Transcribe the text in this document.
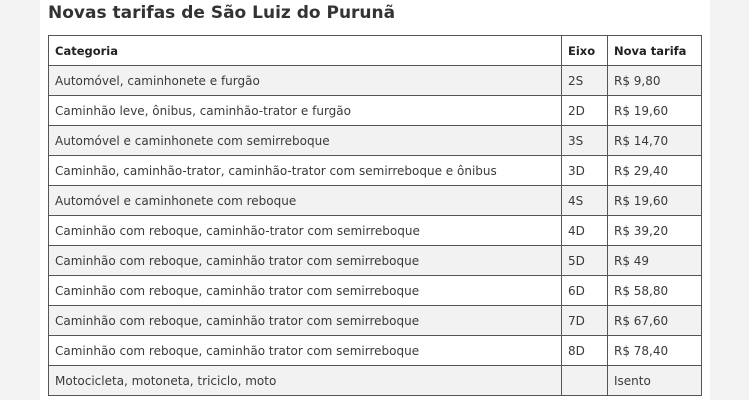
Novas tarifas de São Luiz do Purunã
Categoria	Eixo	Nova tarifa
Automóvel, caminhonete e furgão	2S	R$ 9,80
Caminhão leve, ônibus, caminhão-trator e furgão	2D	R$ 19,60
Automóvel e caminhonete com semirreboque	3S	R$ 14,70
Caminhão, caminhão-trator, caminhão-trator com semirreboque e ônibus	3D	R$ 29,40
Automóvel e caminhonete com reboque	4S	R$ 19,60
Caminhão com reboque, caminhão-trator com semirreboque	4D	R$ 39,20
Caminhão com reboque, caminhão trator com semirreboque	5D	R$ 49
Caminhão com reboque, caminhão trator com semirreboque	6D	R$ 58,80
Caminhão com reboque, caminhão trator com semirreboque	7D	R$ 67,60
Caminhão com reboque, caminhão trator com semirreboque	8D	R$ 78,40
Motocicleta, motoneta, triciclo, moto		Isento
